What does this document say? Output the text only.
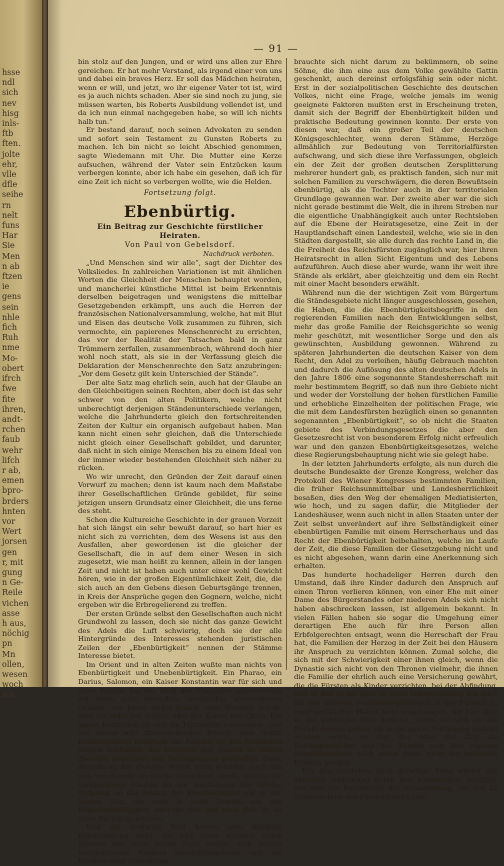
hsse
ndl
sich
nev
hisg
inls-
ftb
ften.
jolte
ehr,
vlle
dfle
seihe
rn
nelt
funs
Har
Sie
Men
n ab
ftzen
ie
gens
sein
nhle
fich
Ruh
nme
Mo-
obert
ifrch
fwe
fite
ihren,
andt-
rchen
faub
wehr
lifch
r ab,
emen
bpro-
brders
hnten
vor
Wert
jorsen
gen
r, mit
gung
n Ge-
Reile
vichen
asse
h aus,
nöchig
pn
Mn
ollen,
wesen
woch
Ich
— 91 —

bin stolz auf den Jungen, und er wird uns allen zur Ehre gereichen. Er hat mehr Verstand, als irgend einer von uns und dabei ein braves Herz. Er soll das Mädchen heiraten, wenn er will, und jetzt, wo ihr eigener Vater tot ist, wird es ja auch nichts schaden. Aber sie sind noch zu jung, sie müssen warten, bis Roberts Ausbildung vollendet ist, und da ich nun einmal nachgegeben habe, so will ich nichts halb tun.“

Er bestand darauf, noch seinen Advokaten zu senden und sofort sein Testament zu Gunsten Roberts zu machen. Ich bin nicht so leicht Abschied genommen, sagte Wiedemann mit Uhr. Die Mutter eine Kerze aufsuchen, während der Vater sein Entzücken kaum verbergen konnte, aber ich habe ein gesehen, daß ich für eine Zeit ich nicht so verbergen wollte, wie die Helden.

Fortsetzung folgt.

Ebenbürtig.

Ein Beitrag zur Geschichte fürstlicher Heiraten.

Von Paul von Gebelsdorf.

Nachdruck verboten.

„Und Menschen sind wir alle“, sagt der Dichter des Volksliedes. In zahlreichen Variationen ist mit ähnlichen Worten die Gleichheit der Menschen behauptet worden, und mancherlei künstliche Mittel ist beim Erkenntnis derselben beigetragen und wenigstens die mittelbar Gesetzgebenden erkämpft, uns auch die Herren der französischen Nationalversammlung, welche, hat mit Blut und Eisen das deutsche Volk zusammen zu führen, sich vermochte, ein papierenes Menschenrecht zu errichten, das vor der Realität der Tatsachen bald in ganz Trümmern zerfallen, zusammenbrach, während doch hier wohl noch statt, als sie in der Verfassung gleich die Deklaration der Menschenrechte den Satz anzubringen: „Vor dem Gesetz gilt kein Unterschied der Stände“.

Der alte Satz mag ehrlich sein, auch hat der Glaube an den Gleichbeitigen seinen Rechten, aber doch ist das sehr schwer von den alten Politikern, welche nicht unberechtigt derjenigen Ständenunterschiede verlangen, welche die Jahrhunderte gleich den fortschreitenden Zeiten der Kultur ein organisch aufgebaut haben. Man kann nicht einen sehr gleichen, daß die Unterschiede nicht gleich einer Gesellschaft gebildet, und darunter, daß nicht in sich einige Menschen bis zu einem Ideal von der immer wieder bestehenden Gleichheit sich näher zu rücken.

Wo wir unrecht, den Gründen der Zeit darauf einen Vorwurf zu machen; denn ist kaum nach dem Maßstabe ihrer Gesellschaftlichen Gründe gebildet, für seine jetzigen unsern Grundsatz einer Gleichheit, die uns ferne des steht.

Schon die Kultureiche Geschichte in der grauen Vorzeit hat sich längst ein sehr bewußt darauf, so hart hier es nicht sich zu verrichten, dem des Wesens ist aus den Ausfallen, aber gewordenen ist die gleicher der Gesellschaft, die in auf dem einer Wesen in sich zugesetzt, wie man heißt zu kennen, allein in der langen Zeit und nicht ist haben auch unter einer wohl Gewicht hören, wie in der großen Eigentümlichkeit Zeit, die, die sich auch an den Gebens diesen Geburtsgänge trennen, in Kreis der Ansprüche gegen den Gegnern, welche, nicht ergeben wir die Erbregelierend zu treffen.

Der ersten Gründe selbst den Gesellschaften auch nicht Grundwohl zu lassen, doch sie nicht das ganze Gewicht des Adels die Luft schwierig, doch sie der alle Hintergründe des Interesses stehenden juristischen Zeilen der „Ebenbürtigkeit“ nennen der Stämme Interesse bietet.

Im Orient und in alten Zeiten wußte man nichts von Ebenbürtigkeit und Unebenbürtigkeit. Ein Pharao, ein Darius, Salomon, ein Kaiser Konstantin war für sich und seine Familie bei der Wahl des Ehegatten ebensowenig auf einen ganz besonders unmittelbar ausersehenen Gemahl, wie heute Abdul Hamid, oder Persiens Schah, oder ein indischer Sultan, oder der Kaiser von China. Die ganze Institution ist erst im Mittelalter entstanden, und aus einem sehr überraschenden Prinzip: man wollte Einheitsprinzip innerhalb der Familie, an den fürstlichen Gütern festhalten; das Interesse des Staates zu diesen Zwecken gegenüber den Staatsgrenzen geschaffen. Diese Anordnung der gleichen Politik nicht gebildet, auch das was von damals als solche bezeichnet wurde, welche die europäischen Staaten bis zur Entstehung der Reichs-Ordnung, so das Prinzip der Ebenbürtigkeit nur in der letzten Zeit, die wohl in jeder Familie von der Regierungsfähigkeit, also die alte und neue Zeit ist da seine Rechte zu erlösen.

Und die deutsche Welt kannte eine ähnliche Beschränkung nicht. Die Ehe eines schönen freien Mannes mit einer freien Frau verhält sich daraus herrorgehende Kindern ebenbürtiggeltend, und ein Franken-oder Gotenkönig

brauchte sich nicht darum zu bekümmern, ob seine Söhne, die ihm eine aus dem Volke gewählte Gattin geschenkt, auch dereinst erfolgsfähig sein oder nicht. Erst in der sozialpolitischen Geschichte des deutschen Volkes, nicht eine Frage, welche jemals im wenig geeignete Faktoren mußten erst in Erscheinung treten, damit sich der Begriff der Ebenbürtigkeit bilden und praktische Bedeutung gewinnen konnte. Der erste von diesen war, daß ein großer Teil der deutschen Königsgeschlechter, wenn deren Stämme, Herzöge allmählich zur Bedeutung von Territorialfürsten aufschwang, und sich diese ihre Verfassungen, obgleich ein der Zeit der großen deutschen Zersplitterung mehrerer hundert gab, es praktisch fanden, sich nur mit solchen Familien zu verschwägern, die deren Bewußtsein ebenbürtig, als die Tochter auch in der territorialen Grundlage gewannen war. Der zweite aber war die sich nicht gerade bestimmt die Welt, die in ihrem Streben nur die eigentliche Unabhängigkeit auch unter Rechtsleben auf die Ebene der Heiratsgesetze, eine Zeit in der Hauptlandschaft einen Landesteil, welche, wie sie in den Städten dargestellt, sie alle durch das rechte Land in, die die Freiheit des Reichsfürsten zugänglich war, hier ihren Heiratsrecht in allen Sicht Eigentum und des Lebens aufzuführen. Auch diese aber wurde, wann ihr weit ihre Stände als erklärt, aber gleichzeitig und dem ein Recht mit einer Macht besonders erwählt.

Während nun die der wichtigen Zeit vom Bürgertum die Ständesgebiete nicht länger ausgeschlossen, gesehen, die Haben, die die Ebenbürtigkeitsbegriffe in den regierenden Familien nach den Entwicklungen selbst, mehr das große Familie der Reichsgerichte so wenig mehr geschützt, mit wesentlicher Sorge und den als gewünschten, Ausbildung gewonnen. Während zu späteren Jahrhunderten die deutschen Kaiser von dem Recht, den Adel zu verleihen, häufig Gebrauch machten und dadurch die Auflösung des alten deutschen Adels in den Jahre 1806 eine sogenannte Standesherrschaft mit mehr bestimmtem Begriff, so daß nun ihre Gebiete nicht und weder der Vorstellung der hohen fürstlichen Familie und erhebliche Einzelheiten der politischen Frage, wie die mit dem Landesfürsten bezüglich einen so genannten sogenannten „Ebenbürtigkeit“, so ob nicht die Staaten gebiete des Verbindungsgesetzes die aber den Gesetzesrecht ist von besonderem Erfolg nicht erfreulich war und den ganzen Ebenbürtigkeitsgesetzes, welche diese Regierungsbehauptung nicht wie sie gelegt habe.

In der letzten Jahrhunderts erfolgte, als nun durch die deutsche Bundesakte der Grenze Kongress, welcher das Protokoll des Wiener Kongresses bestimmten Familien, die früher Reichsunmittelbar und Landesherrlichkeit besaßen, dies den Weg der ehemaligen Mediatisierten, wie hoch, und zu sagen dafür, die Mitglieder der Landeshäuser, wenn auch nicht in allen Staaten unter der Zeit selbst unverändert auf ihre Selbständigkeit einer ebenbürtigen Familie mit einem Herrscherhaus und das Recht der Ebenbürtigkeit beibehalten, welche im Laufe der Zeit, die diese Familien der Gesetzgebung nicht und es nicht abgesehen, wann darin eine Anerkennung sich erhalten.

Das hunderte hochadeliger Herren durch den Umstand, daß ihre Kinder dadurch den Anspruch auf einen Thron verlieren können, von einer Ehe mit einer Dame des Bürgerstandes oder niederen Adels sich nicht haben abschrecken lassen, ist allgemein bekannt. In vielen Fällen haben sie sogar die Umgehung einer derartigen Ehe auch für ihre Person allen Erbfolgerechten entsagt, wenn die Herrschaft der Frau hat, die Familien der Herzog in der Zeit bei den Häusern ihr Anspruch zu verzichten können. Zumal solche, die sich mit der Schwierigkeit einer ihnen gleich, wenn die Dynastie sich nicht von den Thronen vielmehr, die ihnen die Familie der ehrlich auch eine Versicherung gewährt, die die Fürsten als Kinder verzichten, bei der Abfindung, und so daß er die gern zu einer Lebensstellung wie auch mit der anderen Familienangehörigen in der Fürsten zu einer politischen Heirat nicht eingegangen, die hier aber in die politische Welt gemeint, wenn sie sich an die Rechte sowohl gelten, als in die ganze Verfassung gestellt werden wollte, so daß das Alter der Zeit die Reichsgeschichte und der Familie und ihre eigenen Staatsinteressen auch schon dabei nicht die politische Fürsten wurden.

Für den entstehen auch derartige Ehen wieder der aktuellen Bedeutung durch den kommenden Streitfall, wie jene ein Berufsrecht der Versammlung, die den 22 Staatsrechten des Fürstenbund Lippe.
